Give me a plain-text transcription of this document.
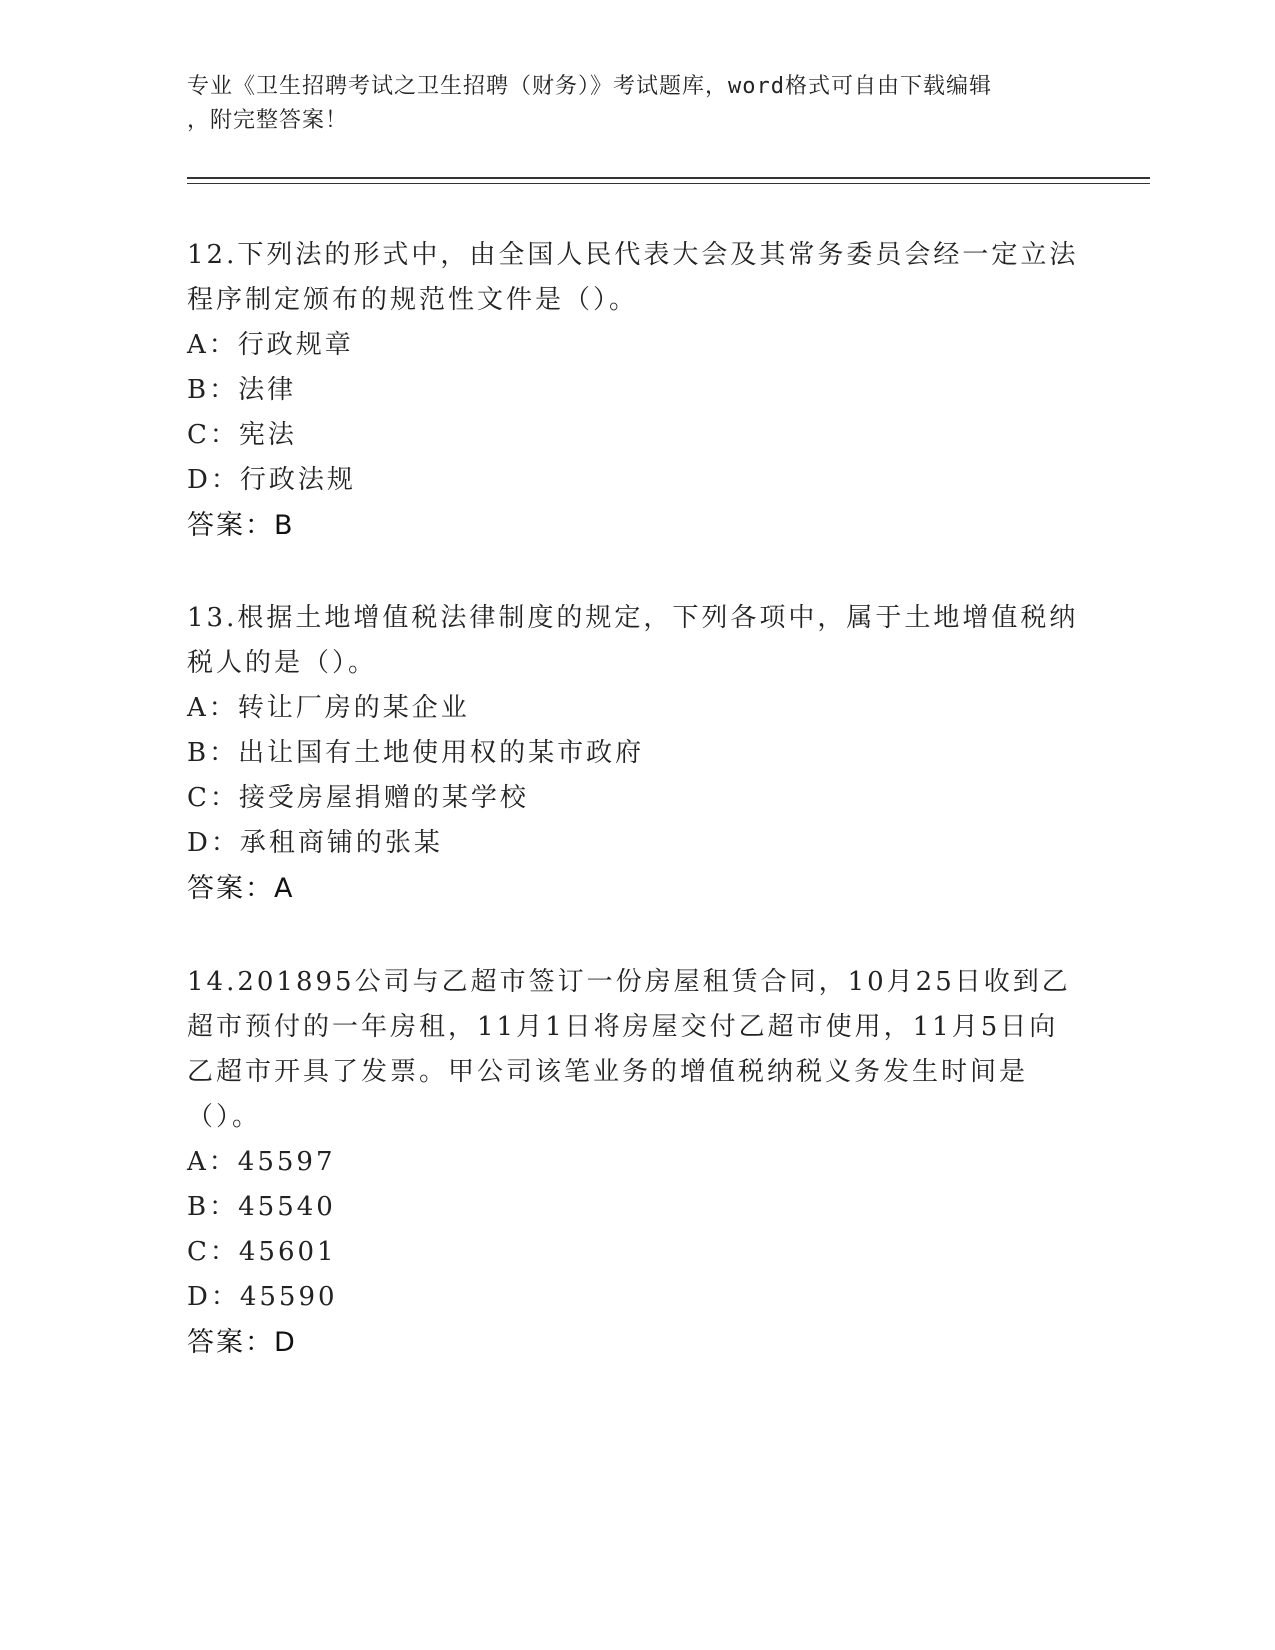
专业《卫生招聘考试之卫生招聘（财务）》考试题库，word格式可自由下载编辑
，附完整答案！

12.下列法的形式中，由全国人民代表大会及其常务委员会经一定立法程序制定颁布的规范性文件是（）。

A：行政规章

B：法律

C：宪法

D：行政法规

答案：B

13.根据土地增值税法律制度的规定，下列各项中，属于土地增值税纳税人的是（）。

A：转让厂房的某企业

B：出让国有土地使用权的某市政府

C：接受房屋捐赠的某学校

D：承租商铺的张某

答案：A

14.201895公司与乙超市签订一份房屋租赁合同，10月25日收到乙超市预付的一年房租，11月1日将房屋交付乙超市使用，11月5日向乙超市开具了发票。甲公司该笔业务的增值税纳税义务发生时间是（）。

A：45597

B：45540

C：45601

D：45590

答案：D
